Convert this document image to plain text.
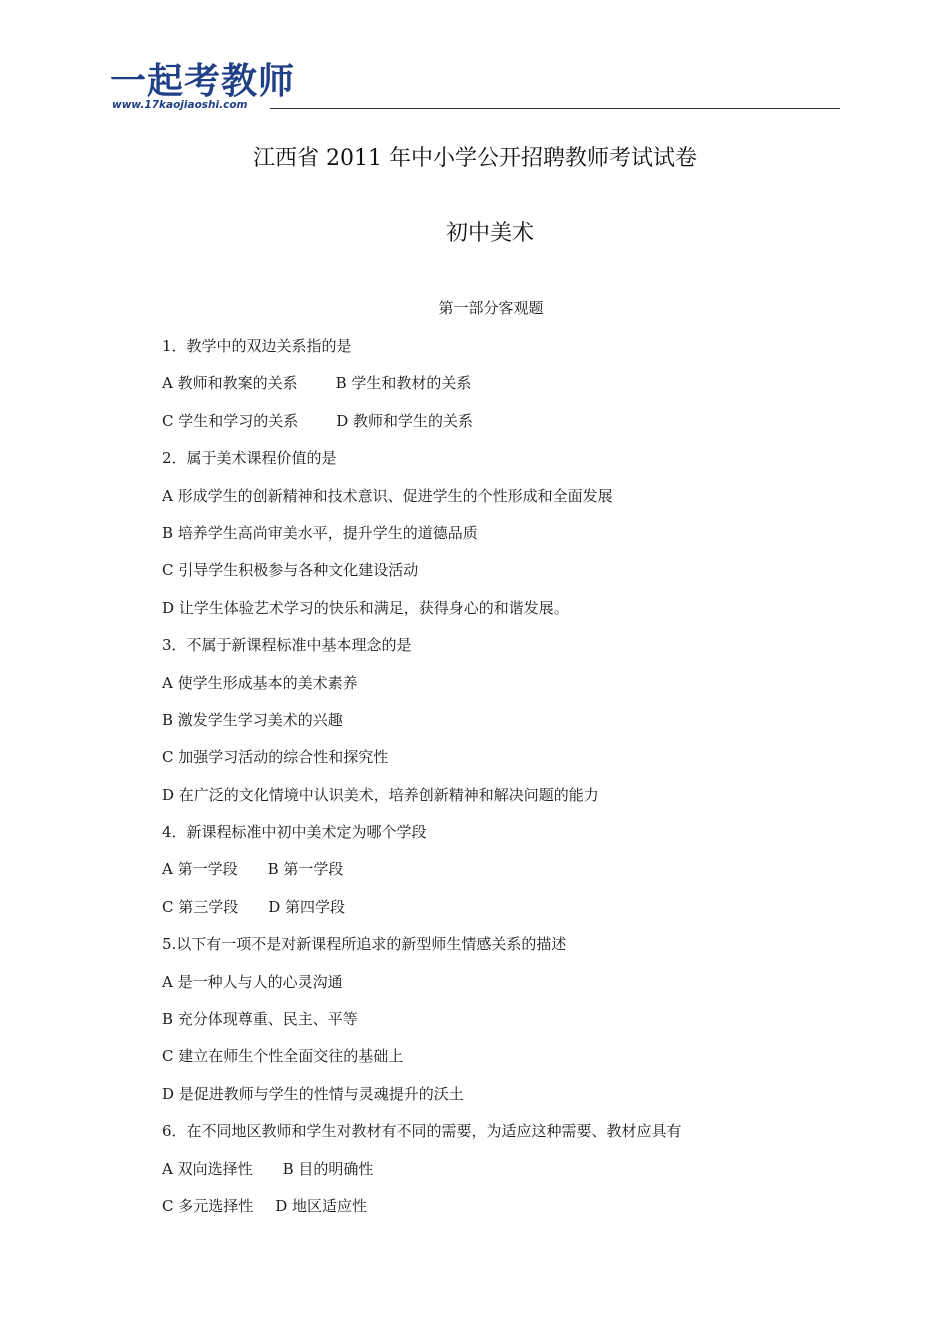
一起考教师
www.17kaojiaoshi.com
江西省 2011 年中小学公开招聘教师考试试卷
初中美术
第一部分客观题
1．教学中的双边关系指的是
A 教师和教案的关系	B 学生和教材的关系
C 学生和学习的关系	D 教师和学生的关系
2．属于美术课程价值的是
A 形成学生的创新精神和技术意识、促进学生的个性形成和全面发展
B 培养学生高尚审美水平，提升学生的道德品质
C 引导学生积极参与各种文化建设活动
D 让学生体验艺术学习的快乐和满足，获得身心的和谐发展。
3．不属于新课程标准中基本理念的是
A 使学生形成基本的美术素养
B 激发学生学习美术的兴趣
C 加强学习活动的综合性和探究性
D 在广泛的文化情境中认识美术，培养创新精神和解决问题的能力
4．新课程标准中初中美术定为哪个学段
A 第一学段 B 第一学段
C 第三学段 D 第四学段
5.以下有一项不是对新课程所追求的新型师生情感关系的描述
A 是一种人与人的心灵沟通
B 充分体现尊重、民主、平等
C 建立在师生个性全面交往的基础上
D 是促进教师与学生的性情与灵魂提升的沃土
6．在不同地区教师和学生对教材有不同的需要，为适应这种需要、教材应具有
A 双向选择性 B 目的明确性
C 多元选择性 D 地区适应性
